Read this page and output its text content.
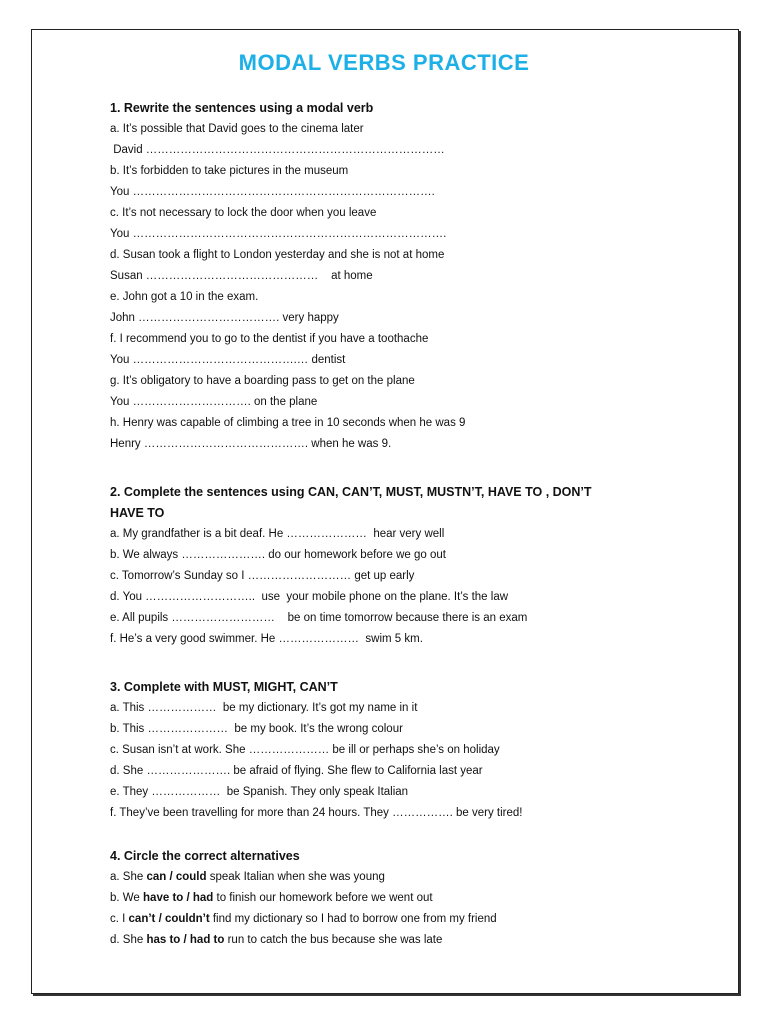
MODAL VERBS PRACTICE

1. Rewrite the sentences using a modal verb

a. It’s possible that David goes to the cinema later

David ……………………………………………………………………

b. It’s forbidden to take pictures in the museum

You …………………………………………………………………….

c. It’s not necessary to lock the door when you leave

You ……………………………………………………………………….

d. Susan took a flight to London yesterday and she is not at home

Susan ………………………………………    at home

e. John got a 10 in the exam.

John ………………………………. very happy

f. I recommend you to go to the dentist if you have a toothache

You …………………………………….… dentist

g. It’s obligatory to have a boarding pass to get on the plane

You …………………………. on the plane

h. Henry was capable of climbing a tree in 10 seconds when he was 9

Henry ……………………………………. when he was 9.

2. Complete the sentences using CAN, CAN’T, MUST, MUSTN’T, HAVE TO , DON’T

HAVE TO

a. My grandfather is a bit deaf. He …………………  hear very well

b. We always …………………. do our homework before we go out

c. Tomorrow’s Sunday so I ……………………… get up early

d. You ………………………..  use  your mobile phone on the plane. It’s the law

e. All pupils ………………………    be on time tomorrow because there is an exam

f. He’s a very good swimmer. He …………………  swim 5 km.

3. Complete with MUST, MIGHT, CAN’T

a. This ………………  be my dictionary. It’s got my name in it

b. This …………………  be my book. It’s the wrong colour

c. Susan isn’t at work. She ………………… be ill or perhaps she’s on holiday

d. She …………………. be afraid of flying. She flew to California last year

e. They ………………  be Spanish. They only speak Italian

f. They’ve been travelling for more than 24 hours. They ……………. be very tired!

4. Circle the correct alternatives

a. She can / could speak Italian when she was young

b. We have to / had to finish our homework before we went out

c. I can’t / couldn’t find my dictionary so I had to borrow one from my friend

d. She has to / had to run to catch the bus because she was late
